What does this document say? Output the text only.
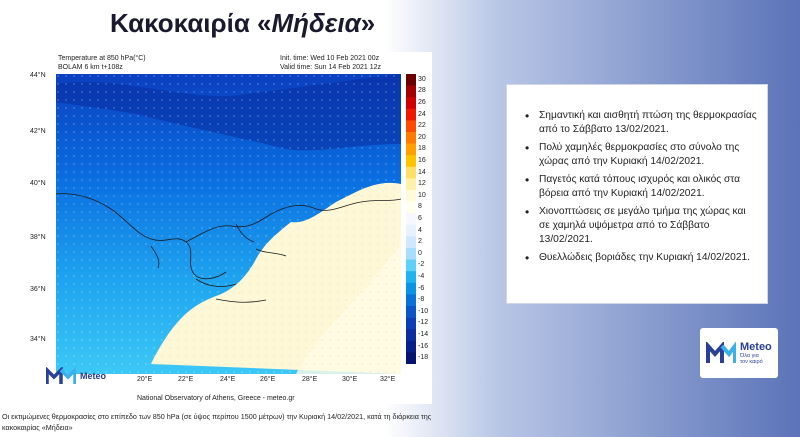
Κακοκαιρία «Μήδεια»
Temperature at 850 hPa(°C)
BOLAM 6 km t+108z
Init. time: Wed 10 Feb 2021 00z
Valid time: Sun 14 Feb 2021 12z
44°N
42°N
40°N
38°N
36°N
34°N
20°E	22°E	24°E	26°E	28°E	30°E	32°E
Meteo
30
28
26
24
22
20
18
16
14
12
10
8
6
4
2
0
-2
-4
-6
-8
-10
-12
-14
-16
-18
National Observatory of Athens, Greece - meteo.gr
Οι εκτιμώμενες θερμοκρασίες στο επίπεδο των 850 hPa (σε ύψος περίπου 1500 μέτρων) την Κυριακή 14/02/2021, κατά τη διάρκεια της κακοκαιρίας «Μήδεια»
• Σημαντική και αισθητή πτώση της θερμοκρασίας από το Σάββατο 13/02/2021.
• Πολύ χαμηλές θερμοκρασίες στο σύνολο της χώρας από την Κυριακή 14/02/2021.
• Παγετός κατά τόπους ισχυρός και ολικός στα βόρεια από την Κυριακή 14/02/2021.
• Χιονοπτώσεις σε μεγάλο τμήμα της χώρας και σε χαμηλά υψόμετρα από το Σάββατο 13/02/2021.
• Θυελλώδεις βοριάδες την Κυριακή 14/02/2021.
Meteo
Όλα για
τον καιρό
